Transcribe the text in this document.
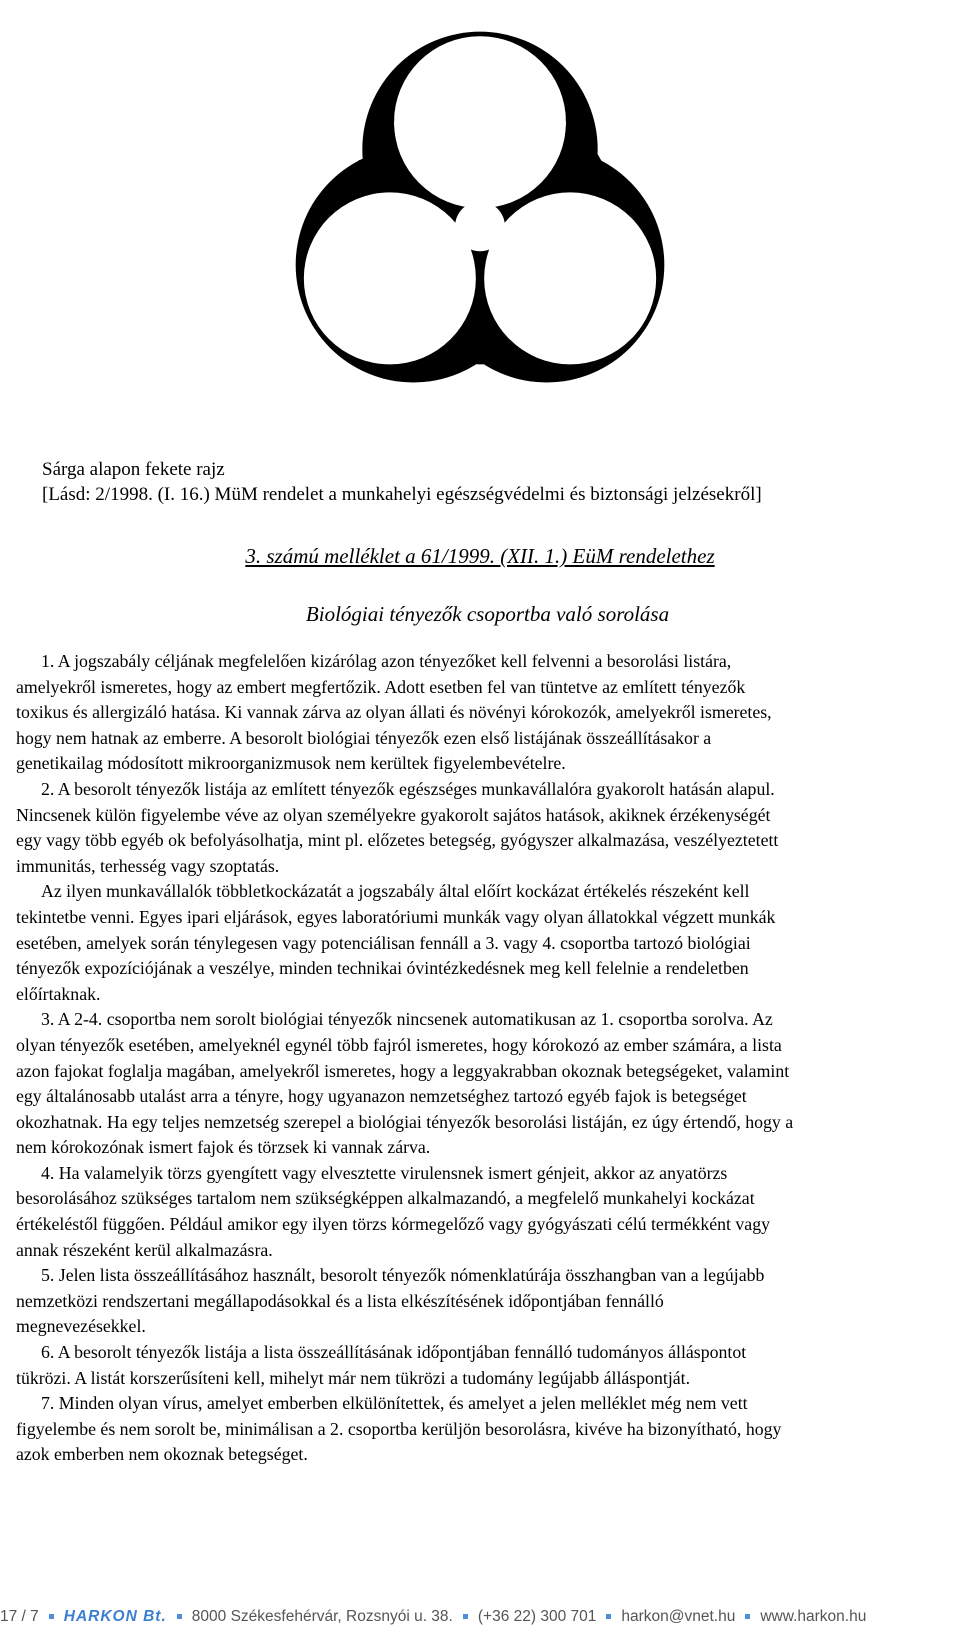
Sárga alapon fekete rajz
[Lásd: 2/1998. (I. 16.) MüM rendelet a munkahelyi egészségvédelmi és biztonsági jelzésekről]
3. számú melléklet a 61/1999. (XII. 1.) EüM rendelethez
Biológiai tényezők csoportba való sorolása
1. A jogszabály céljának megfelelően kizárólag azon tényezőket kell felvenni a besorolási listára,
amelyekről ismeretes, hogy az embert megfertőzik. Adott esetben fel van tüntetve az említett tényezők
toxikus és allergizáló hatása. Ki vannak zárva az olyan állati és növényi kórokozók, amelyekről ismeretes,
hogy nem hatnak az emberre. A besorolt biológiai tényezők ezen első listájának összeállításakor a
genetikailag módosított mikroorganizmusok nem kerültek figyelembevételre.
2. A besorolt tényezők listája az említett tényezők egészséges munkavállalóra gyakorolt hatásán alapul.
Nincsenek külön figyelembe véve az olyan személyekre gyakorolt sajátos hatások, akiknek érzékenységét
egy vagy több egyéb ok befolyásolhatja, mint pl. előzetes betegség, gyógyszer alkalmazása, veszélyeztetett
immunitás, terhesség vagy szoptatás.
Az ilyen munkavállalók többletkockázatát a jogszabály által előírt kockázat értékelés részeként kell
tekintetbe venni. Egyes ipari eljárások, egyes laboratóriumi munkák vagy olyan állatokkal végzett munkák
esetében, amelyek során ténylegesen vagy potenciálisan fennáll a 3. vagy 4. csoportba tartozó biológiai
tényezők expozíciójának a veszélye, minden technikai óvintézkedésnek meg kell felelnie a rendeletben
előírtaknak.
3. A 2-4. csoportba nem sorolt biológiai tényezők nincsenek automatikusan az 1. csoportba sorolva. Az
olyan tényezők esetében, amelyeknél egynél több fajról ismeretes, hogy kórokozó az ember számára, a lista
azon fajokat foglalja magában, amelyekről ismeretes, hogy a leggyakrabban okoznak betegségeket, valamint
egy általánosabb utalást arra a tényre, hogy ugyanazon nemzetséghez tartozó egyéb fajok is betegséget
okozhatnak. Ha egy teljes nemzetség szerepel a biológiai tényezők besorolási listáján, ez úgy értendő, hogy a
nem kórokozónak ismert fajok és törzsek ki vannak zárva.
4. Ha valamelyik törzs gyengített vagy elvesztette virulensnek ismert génjeit, akkor az anyatörzs
besorolásához szükséges tartalom nem szükségképpen alkalmazandó, a megfelelő munkahelyi kockázat
értékeléstől függően. Például amikor egy ilyen törzs kórmegelőző vagy gyógyászati célú termékként vagy
annak részeként kerül alkalmazásra.
5. Jelen lista összeállításához használt, besorolt tényezők nómenklatúrája összhangban van a legújabb
nemzetközi rendszertani megállapodásokkal és a lista elkészítésének időpontjában fennálló
megnevezésekkel.
6. A besorolt tényezők listája a lista összeállításának időpontjában fennálló tudományos álláspontot
tükrözi. A listát korszerűsíteni kell, mihelyt már nem tükrözi a tudomány legújabb álláspontját.
7. Minden olyan vírus, amelyet emberben elkülönítettek, és amelyet a jelen melléklet még nem vett
figyelembe és nem sorolt be, minimálisan a 2. csoportba kerüljön besorolásra, kivéve ha bizonyítható, hogy
azok emberben nem okoznak betegséget.
17 / 7 HARKON Bt. 8000 Székesfehérvár, Rozsnyói u. 38. (+36 22) 300 701 harkon@vnet.hu www.harkon.hu
